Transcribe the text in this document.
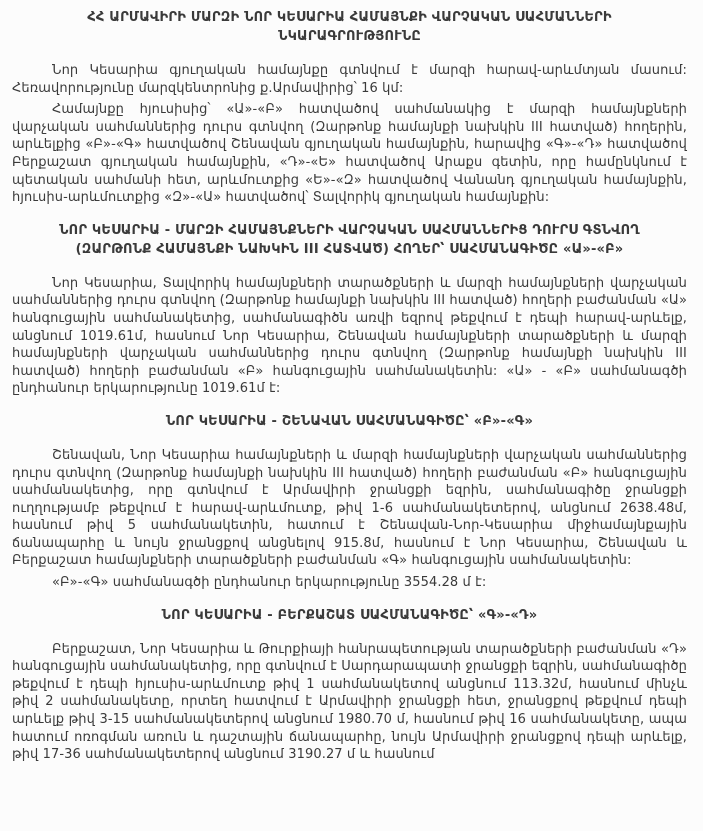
ՀՀ ԱՐՄԱՎԻՐԻ ՄԱՐԶԻ ՆՈՐ ԿԵՍԱՐԻԱ ՀԱՄԱՅՆՔԻ ՎԱՐՉԱԿԱՆ ՍԱՀՄԱՆՆԵՐԻ ՆԿԱՐԱԳՐՈՒԹՅՈՒՆԸ

Նոր Կեսարիա գյուղական համայնքը գտնվում է մարզի հարավ-արևմտյան մասում: Հեռավորությունը մարզկենտրոնից ք.Արմավիրից՝ 16 կմ:

Համայնքը հյուսիսից՝ «Ա»-«Բ» հատվածով սահմանակից է մարզի համայնքների վարչական սահմաններից դուրս գտնվող (Զարթոնք համայնքի նախկին III հատված) հողերին, արևելքից «Բ»-«Գ» հատվածով Շենավան գյուղական համայնքին, հարավից «Գ»-«Դ» հատվածով Բերքաշատ գյուղական համայնքին, «Դ»-«Ե» հատվածով Արաքս գետին, որը համընկնում է պետական սահմանի հետ, արևմուտքից «Ե»-«Զ» հատվածով Վանանդ գյուղական համայնքին, հյուսիս-արևմուտքից «Զ»-«Ա» հատվածով՝ Տալվորիկ գյուղական համայնքին:

ՆՈՐ ԿԵՍԱՐԻԱ - ՄԱՐԶԻ ՀԱՄԱՅՆՔՆԵՐԻ ՎԱՐՉԱԿԱՆ ՍԱՀՄԱՆՆԵՐԻՑ ԴՈՒՐՍ ԳՏՆՎՈՂ (ԶԱՐԹՈՆՔ ՀԱՄԱՅՆՔԻ ՆԱԽԿԻՆ III ՀԱՏՎԱԾ) ՀՈՂԵՐ՝ ՍԱՀՄԱՆԱԳԻԾԸ «Ա»-«Բ»

Նոր Կեսարիա, Տալվորիկ համայնքների տարածքների և մարզի համայնքների վարչական սահմաններից դուրս գտնվող (Զարթոնք համայնքի նախկին III հատված) հողերի բաժանման «Ա» հանգուցային սահմանակետից, սահմանագիծն առվի եզրով թեքվում է դեպի հարավ-արևելք, անցնում 1019.61մ, հասնում Նոր Կեսարիա, Շենավան համայնքների տարածքների և մարզի համայնքների վարչական սահմաններից դուրս գտնվող (Զարթոնք համայնքի նախկին III հատված) հողերի բաժանման «Բ» հանգուցային սահմանակետին: «Ա» - «Բ» սահմանագծի ընդհանուր երկարությունը 1019.61մ է:

ՆՈՐ ԿԵՍԱՐԻԱ - ՇԵՆԱՎԱՆ ՍԱՀՄԱՆԱԳԻԾԸ՝ «Բ»-«Գ»

Շենավան, Նոր Կեսարիա համայնքների և մարզի համայնքների վարչական սահմաններից դուրս գտնվող (Զարթոնք համայնքի նախկին III հատված) հողերի բաժանման «Բ» հանգուցային սահմանակետից, որը գտնվում է Արմավիրի ջրանցքի եզրին, սահմանագիծը ջրանցքի ուղղությամբ թեքվում է հարավ-արևմուտք, թիվ 1-6 սահմանակետերով, անցնում 2638.48մ, հասնում թիվ 5 սահմանակետին, հատում է Շենավան-Նոր-Կեսարիա միջհամայնքային ճանապարհը և նույն ջրանցքով անցնելով 915.8մ, հասնում է Նոր Կեսարիա, Շենավան և Բերքաշատ համայնքների տարածքների բաժանման «Գ» հանգուցային սահմանակետին:

«Բ»-«Գ» սահմանագծի ընդհանուր երկարությունը 3554.28 մ է:

ՆՈՐ ԿԵՍԱՐԻԱ - ԲԵՐՔԱՇԱՏ ՍԱՀՄԱՆԱԳԻԾԸ՝ «Գ»-«Դ»

Բերքաշատ, Նոր Կեսարիա և Թուրքիայի հանրապետության տարածքների բաժանման «Դ» հանգուցային սահմանակետից, որը գտնվում է Սարդարապատի ջրանցքի եզրին, սահմանագիծը թեքվում է դեպի հյուսիս-արևմուտք թիվ 1 սահմանակետով անցնում 113.32մ, հասնում մինչև թիվ 2 սահմանակետը, որտեղ հատվում է Արմավիրի ջրանցքի հետ, ջրանցքով թեքվում դեպի արևելք թիվ 3-15 սահմանակետերով անցնում 1980.70 մ, հասնում թիվ 16 սահմանակետը, ապա հատում ոռոգման առուն և դաշտային ճանապարհը, նույն Արմավիրի ջրանցքով դեպի արևելք, թիվ 17-36 սահմանակետերով անցնում 3190.27 մ և հասնում
